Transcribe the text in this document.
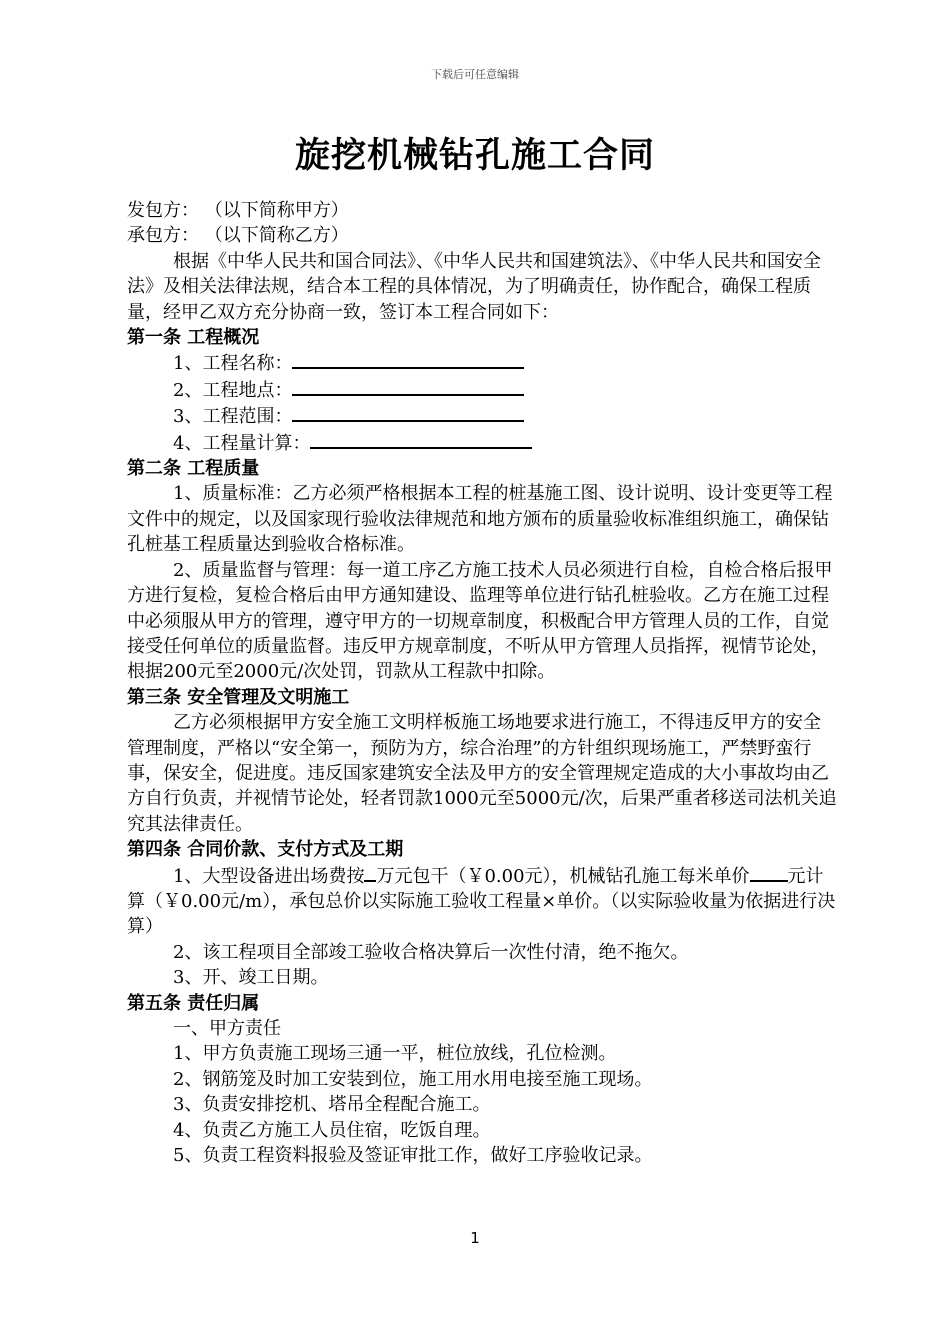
下载后可任意编辑
旋挖机械钻孔施工合同

发包方： （以下简称甲方）

承包方： （以下简称乙方）

根据《中华人民共和国合同法》、《中华人民共和国建筑法》、《中华人民共和国安全法》及相关法律法规，结合本工程的具体情况，为了明确责任，协作配合，确保工程质量，经甲乙双方充分协商一致，签订本工程合同如下：

第一条 工程概况

1、工程名称：

2、工程地点：

3、工程范围：

4、工程量计算：

第二条 工程质量

1、质量标准：乙方必须严格根据本工程的桩基施工图、设计说明、设计变更等工程文件中的规定，以及国家现行验收法律规范和地方颁布的质量验收标准组织施工，确保钻孔桩基工程质量达到验收合格标准。

2、质量监督与管理：每一道工序乙方施工技术人员必须进行自检，自检合格后报甲方进行复检，复检合格后由甲方通知建设、监理等单位进行钻孔桩验收。乙方在施工过程中必须服从甲方的管理，遵守甲方的一切规章制度，积极配合甲方管理人员的工作，自觉接受任何单位的质量监督。违反甲方规章制度，不听从甲方管理人员指挥，视情节论处，根据200元至2000元/次处罚，罚款从工程款中扣除。

第三条 安全管理及文明施工

乙方必须根据甲方安全施工文明样板施工场地要求进行施工，不得违反甲方的安全管理制度，严格以“安全第一，预防为方，综合治理”的方针组织现场施工，严禁野蛮行事，保安全，促进度。违反国家建筑安全法及甲方的安全管理规定造成的大小事故均由乙方自行负责，并视情节论处，轻者罚款1000元至5000元/次，后果严重者移送司法机关追究其法律责任。

第四条 合同价款、支付方式及工期

1、大型设备进出场费按 万元包干（￥0.00元），机械钻孔施工每米单价 元计算（￥0.00元/m），承包总价以实际施工验收工程量×单价。（以实际验收量为依据进行决算）

2、该工程项目全部竣工验收合格决算后一次性付清，绝不拖欠。

3、开、竣工日期。

第五条 责任归属

一、甲方责任

1、甲方负责施工现场三通一平，桩位放线，孔位检测。

2、钢筋笼及时加工安装到位，施工用水用电接至施工现场。

3、负责安排挖机、塔吊全程配合施工。

4、负责乙方施工人员住宿，吃饭自理。

5、负责工程资料报验及签证审批工作，做好工序验收记录。

1
